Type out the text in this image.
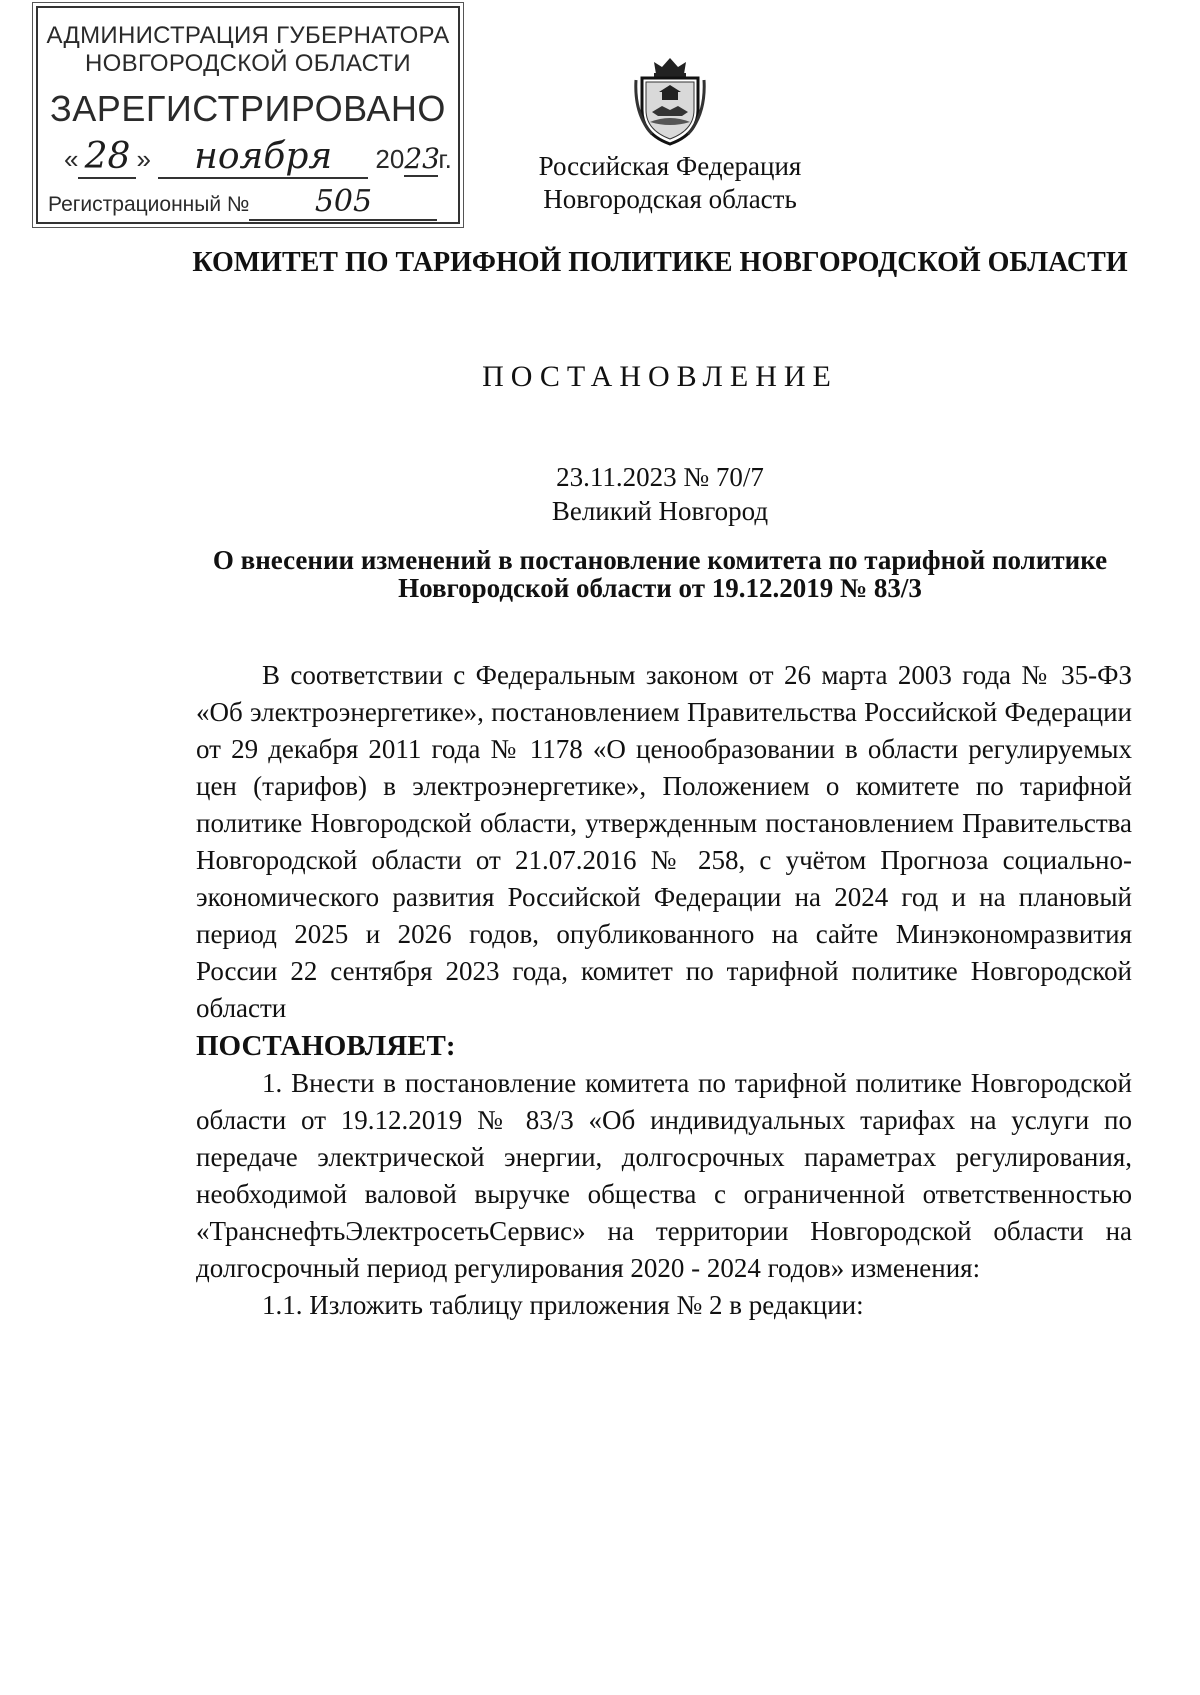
АДМИНИСТРАЦИЯ ГУБЕРНАТОРА
НОВГОРОДСКОЙ ОБЛАСТИ
ЗАРЕГИСТРИРОВАНО
« 28 » ноября 2023г.
Регистрационный № 505
Российская Федерация
Новгородская область
КОМИТЕТ ПО ТАРИФНОЙ ПОЛИТИКЕ НОВГОРОДСКОЙ ОБЛАСТИ
ПОСТАНОВЛЕНИЕ
23.11.2023 № 70/7
Великий Новгород
О внесении изменений в постановление комитета по тарифной политике Новгородской области от 19.12.2019 № 83/3

В соответствии с Федеральным законом от 26 марта 2003 года № 35-ФЗ «Об электроэнергетике», постановлением Правительства Российской Федерации от 29 декабря 2011 года № 1178 «О ценообразовании в области регулируемых цен (тарифов) в электроэнергетике», Положением о комитете по тарифной политике Новгородской области, утвержденным постановлением Правительства Новгородской области от 21.07.2016 № 258, с учётом Прогноза социально-экономического развития Российской Федерации на 2024 год и на плановый период 2025 и 2026 годов, опубликованного на сайте Минэкономразвития России 22 сентября 2023 года, комитет по тарифной политике Новгородской области

ПОСТАНОВЛЯЕТ:

1. Внести в постановление комитета по тарифной политике Новгородской области от 19.12.2019 № 83/3 «Об индивидуальных тарифах на услуги по передаче электрической энергии, долгосрочных параметрах регулирования, необходимой валовой выручке общества с ограниченной ответственностью «ТранснефтьЭлектросетьСервис» на территории Новгородской области на долгосрочный период регулирования 2020 - 2024 годов» изменения:

1.1. Изложить таблицу приложения № 2 в редакции:
